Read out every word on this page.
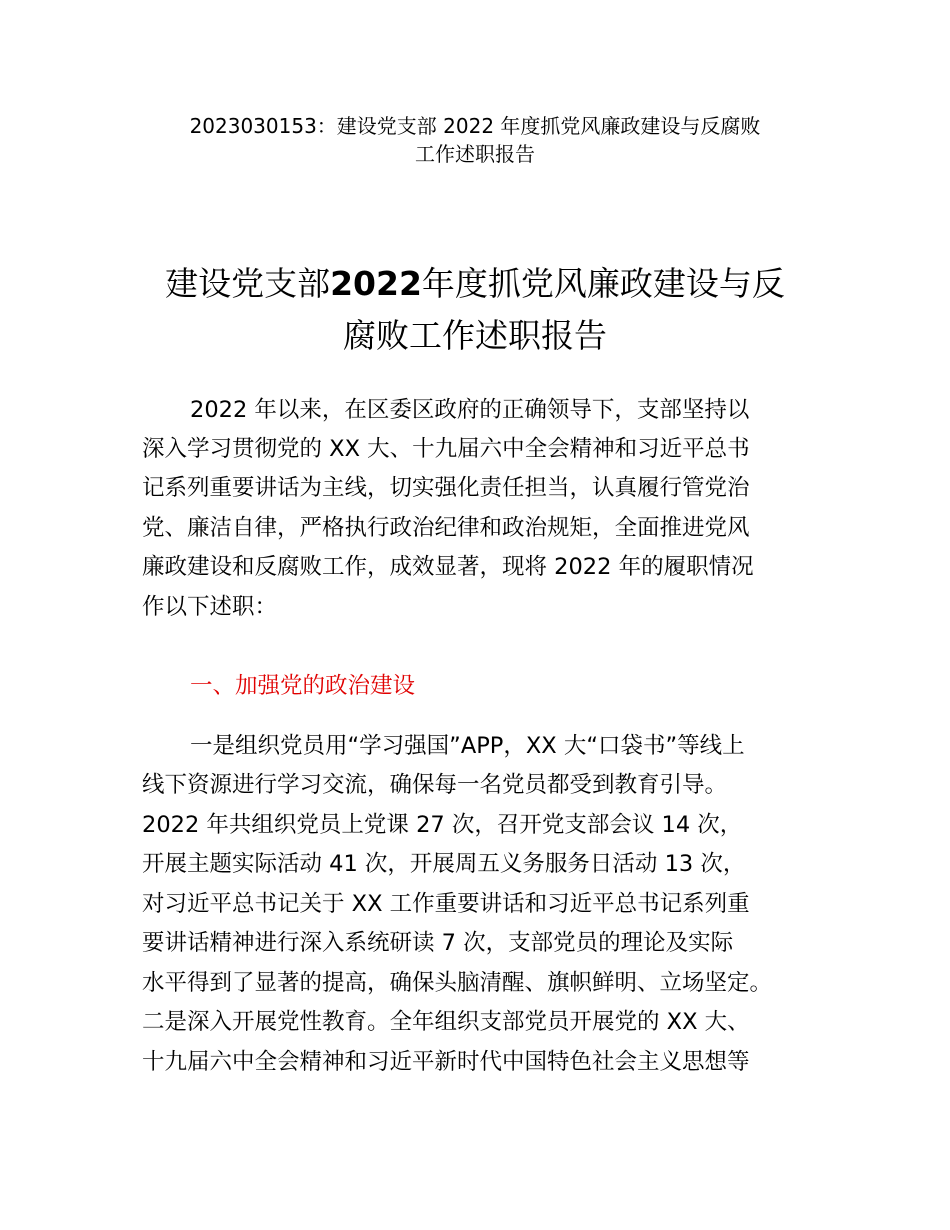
2023030153：建设党支部 2022 年度抓党风廉政建设与反腐败
工作述职报告
建设党支部2022年度抓党风廉政建设与反
腐败工作述职报告
2022 年以来，在区委区政府的正确领导下，支部坚持以
深入学习贯彻党的 XX 大、十九届六中全会精神和习近平总书
记系列重要讲话为主线，切实强化责任担当，认真履行管党治
党、廉洁自律，严格执行政治纪律和政治规矩，全面推进党风
廉政建设和反腐败工作，成效显著，现将 2022 年的履职情况
作以下述职：
一、加强党的政治建设
一是组织党员用“学习强国”APP，XX 大“口袋书”等线上
线下资源进行学习交流，确保每一名党员都受到教育引导。
2022 年共组织党员上党课 27 次，召开党支部会议 14 次，
开展主题实际活动 41 次，开展周五义务服务日活动 13 次，
对习近平总书记关于 XX 工作重要讲话和习近平总书记系列重
要讲话精神进行深入系统研读 7 次，支部党员的理论及实际
水平得到了显著的提高，确保头脑清醒、旗帜鲜明、立场坚定。
二是深入开展党性教育。全年组织支部党员开展党的 XX 大、
十九届六中全会精神和习近平新时代中国特色社会主义思想等
